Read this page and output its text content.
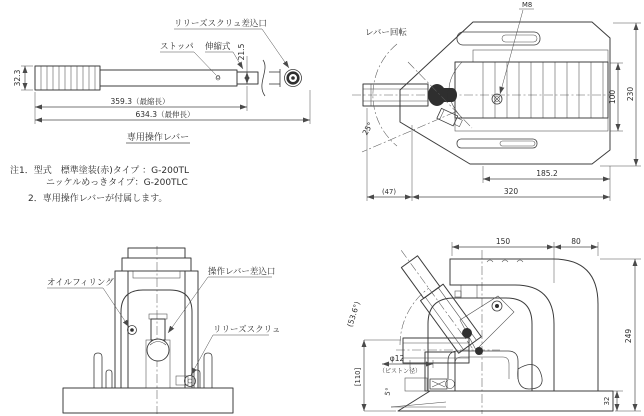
32.3
21.5
359.3（最縮長）
634.3（最伸長）
リリーズスクリュ差込口
ストッパ 伸縮式
専用操作レバー
レバー回転
M8
25°
100 230
185.2
(47)	320
オイルフィリング
操作レバー差込口
リリーズスクリュ
150	80
249
32
(53.6°)
φ12
（ピストン径）
[110]
5°
注1．型式　標準塗装(赤)タイプ ：G-200TL
ニッケルめっきタイプ：G-200TLC
2．専用操作レバーが付属します。
